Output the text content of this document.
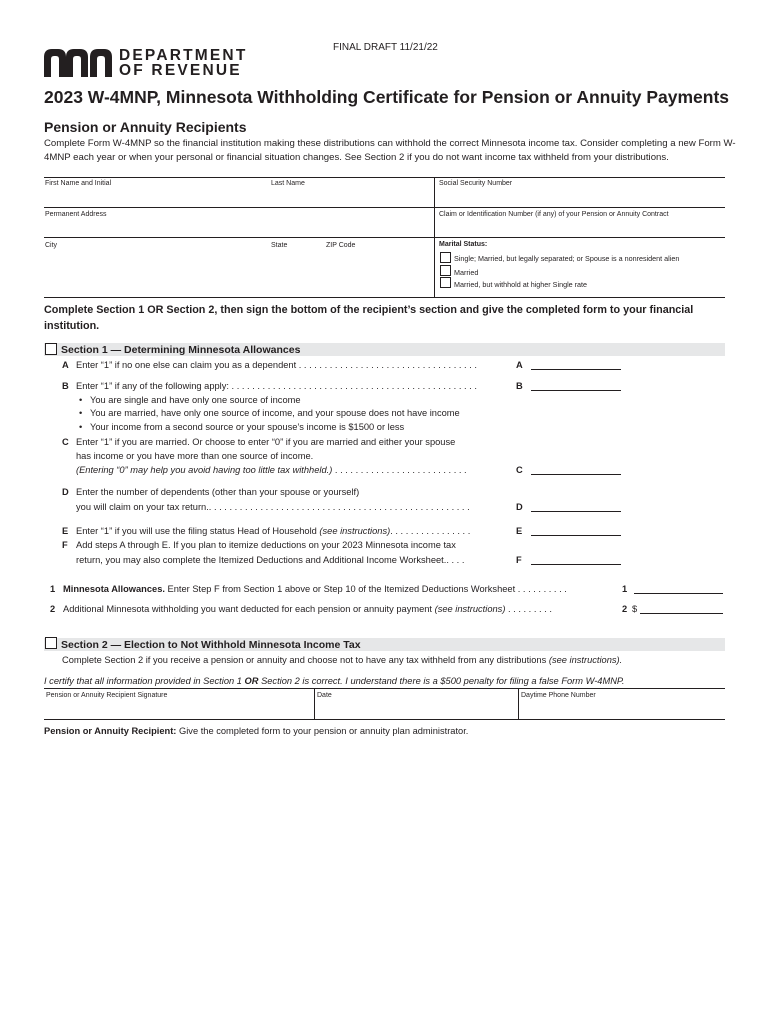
DEPARTMENT
OF REVENUE
FINAL DRAFT 11/21/22
2023 W-4MNP, Minnesota Withholding Certificate for Pension or Annuity Payments
Pension or Annuity Recipients
Complete Form W-4MNP so the financial institution making these distributions can withhold the correct Minnesota income tax. Consider completing a new Form W-4MNP each year or when your personal or financial situation changes. See Section 2 if you do not want income tax withheld from your distributions.
First Name and Initial	Last Name	Social Security Number
Permanent Address	Claim or Identification Number (if any) of your Pension or Annuity Contract
City	State	ZIP Code	Marital Status:
Single; Married, but legally separated; or Spouse is a nonresident alien
Married
Married, but withhold at higher Single rate
Complete Section 1 OR Section 2, then sign the bottom of the recipient’s section and give the completed form to your financial institution.
Section 1 — Determining Minnesota Allowances
A Enter “1” if no one else can claim you as a dependent . . . . . . . . . . . . . . . . . . . . . . . . . . . . . . . . . . .	A
B Enter “1” if any of the following apply: . . . . . . . . . . . . . . . . . . . . . . . . . . . . . . . . . . . . . . . . . . . . . . . .	B
• You are single and have only one source of income
• You are married, have only one source of income, and your spouse does not have income
• Your income from a second source or your spouse’s income is $1500 or less
C Enter “1” if you are married. Or choose to enter “0” if you are married and either your spouse
has income or you have more than one source of income.
(Entering “0” may help you avoid having too little tax withheld.) . . . . . . . . . . . . . . . . . . . . . . . . . .	C
D Enter the number of dependents (other than your spouse or yourself)
you will claim on your tax return.. . . . . . . . . . . . . . . . . . . . . . . . . . . . . . . . . . . . . . . . . . . . . . . . . . .	D
E Enter “1” if you will use the filing status Head of Household (see instructions). . . . . . . . . . . . . . . .	E
F Add steps A through E. If you plan to itemize deductions on your 2023 Minnesota income tax
return, you may also complete the Itemized Deductions and Additional Income Worksheet.. . . .	F
1 Minnesota Allowances. Enter Step F from Section 1 above or Step 10 of the Itemized Deductions Worksheet . . . . . . . . . .	1
2 Additional Minnesota withholding you want deducted for each pension or annuity payment (see instructions) . . . . . . . . .	2 $
Section 2 — Election to Not Withhold Minnesota Income Tax
Complete Section 2 if you receive a pension or annuity and choose not to have any tax withheld from any distributions (see instructions).
I certify that all information provided in Section 1 OR Section 2 is correct. I understand there is a $500 penalty for filing a false Form W-4MNP.
Pension or Annuity Recipient Signature	Date	Daytime Phone Number
Pension or Annuity Recipient: Give the completed form to your pension or annuity plan administrator.
